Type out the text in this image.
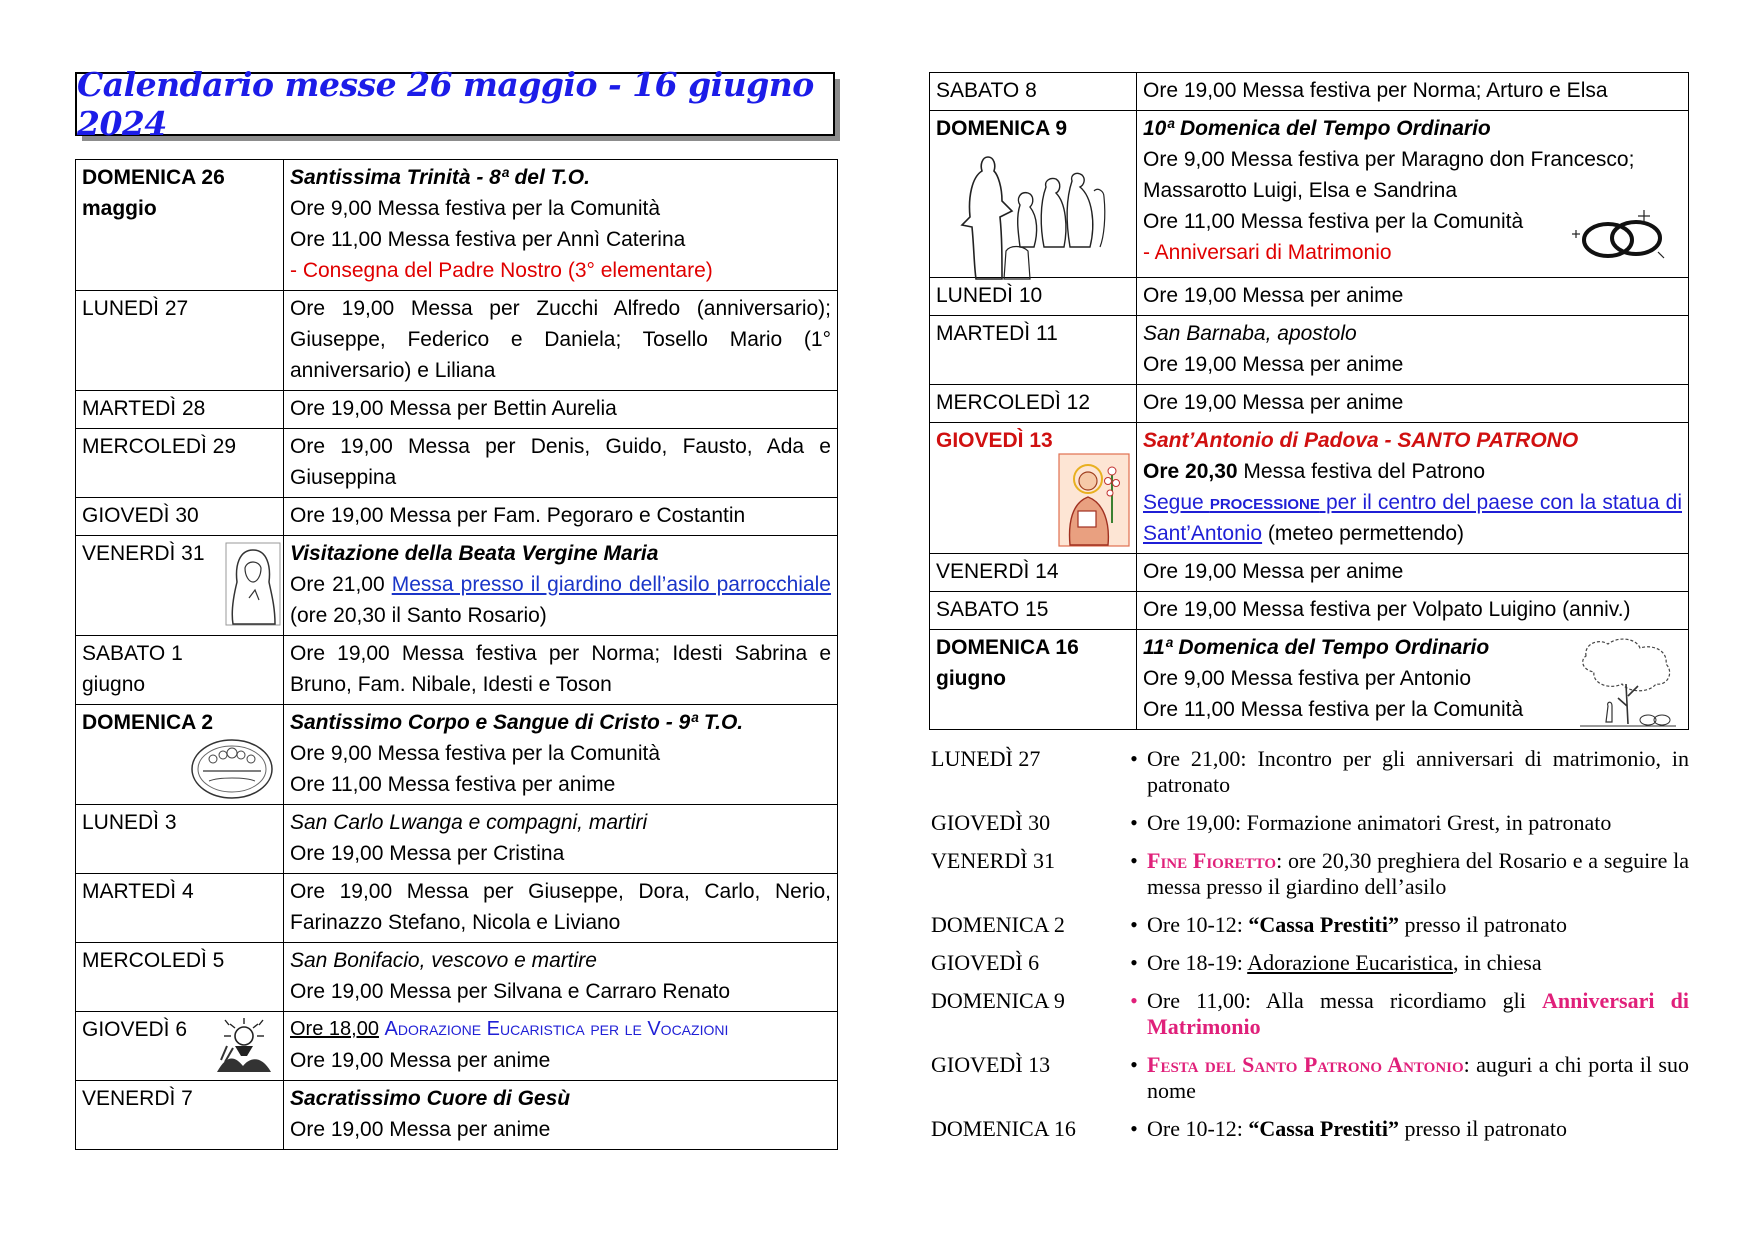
Calendario messe 26 maggio - 16 giugno 2024
DOMENICA 26
maggio	Santissima Trinità - 8ª del T.O.
Ore 9,00 Messa festiva per la Comunità
Ore 11,00 Messa festiva per Annì Caterina
- Consegna del Padre Nostro (3° elementare)

LUNEDÌ 27	Ore 19,00 Messa per Zucchi Alfredo (anniversario); Giuseppe, Federico e Daniela; Tosello Mario (1° anniversario) e Liliana

MARTEDÌ 28	Ore 19,00 Messa per Bettin Aurelia

MERCOLEDÌ 29	Ore 19,00 Messa per Denis, Guido, Fausto, Ada e Giuseppina

GIOVEDÌ 30	Ore 19,00 Messa per Fam. Pegoraro e Costantin

VENERDÌ 31	Visitazione della Beata Vergine Maria
Ore 21,00 Messa presso il giardino dell’asilo parrocchiale (ore 20,30 il Santo Rosario)

SABATO 1
giugno	Ore 19,00 Messa festiva per Norma; Idesti Sabrina e Bruno, Fam. Nibale, Idesti e Toson

DOMENICA 2	Santissimo Corpo e Sangue di Cristo - 9ª T.O.
Ore 9,00 Messa festiva per la Comunità
Ore 11,00 Messa festiva per anime

LUNEDÌ 3	San Carlo Lwanga e compagni, martiri
Ore 19,00 Messa per Cristina

MARTEDÌ 4	Ore 19,00 Messa per Giuseppe, Dora, Carlo, Nerio, Farinazzo Stefano, Nicola e Liviano

MERCOLEDÌ 5	San Bonifacio, vescovo e martire
Ore 19,00 Messa per Silvana e Carraro Renato

GIOVEDÌ 6	Ore 18,00 Adorazione Eucaristica per le Vocazioni
Ore 19,00 Messa per anime

VENERDÌ 7	Sacratissimo Cuore di Gesù
Ore 19,00 Messa per anime
SABATO 8	Ore 19,00 Messa festiva per Norma; Arturo e Elsa

DOMENICA 9	10ª Domenica del Tempo Ordinario
Ore 9,00 Messa festiva per Maragno don Francesco;
Massarotto Luigi, Elsa e Sandrina
Ore 11,00 Messa festiva per la Comunità
- Anniversari di Matrimonio

LUNEDÌ 10	Ore 19,00 Messa per anime

MARTEDÌ 11	San Barnaba, apostolo
Ore 19,00 Messa per anime

MERCOLEDÌ 12	Ore 19,00 Messa per anime

GIOVEDÌ 13	Sant’Antonio di Padova - SANTO PATRONO
Ore 20,30 Messa festiva del Patrono
Segue processione per il centro del paese con la statua di Sant’Antonio (meteo permettendo)

VENERDÌ 14	Ore 19,00 Messa per anime

SABATO 15	Ore 19,00 Messa festiva per Volpato Luigino (anniv.)

DOMENICA 16
giugno	11ª Domenica del Tempo Ordinario
Ore 9,00 Messa festiva per Antonio
Ore 11,00 Messa festiva per la Comunità
LUNEDÌ 27	• Ore 21,00: Incontro per gli anniversari di matrimonio, in patronato
GIOVEDÌ 30	• Ore 19,00: Formazione animatori Grest, in patronato
VENERDÌ 31	• Fine Fioretto: ore 20,30 preghiera del Rosario e a seguire la messa presso il giardino dell’asilo
DOMENICA 2	• Ore 10-12: “Cassa Prestiti” presso il patronato
GIOVEDÌ 6	• Ore 18-19: Adorazione Eucaristica, in chiesa
DOMENICA 9	• Ore 11,00: Alla messa ricordiamo gli Anniversari di Matrimonio
GIOVEDÌ 13	• Festa del Santo Patrono Antonio: auguri a chi porta il suo nome
DOMENICA 16	• Ore 10-12: “Cassa Prestiti” presso il patronato
